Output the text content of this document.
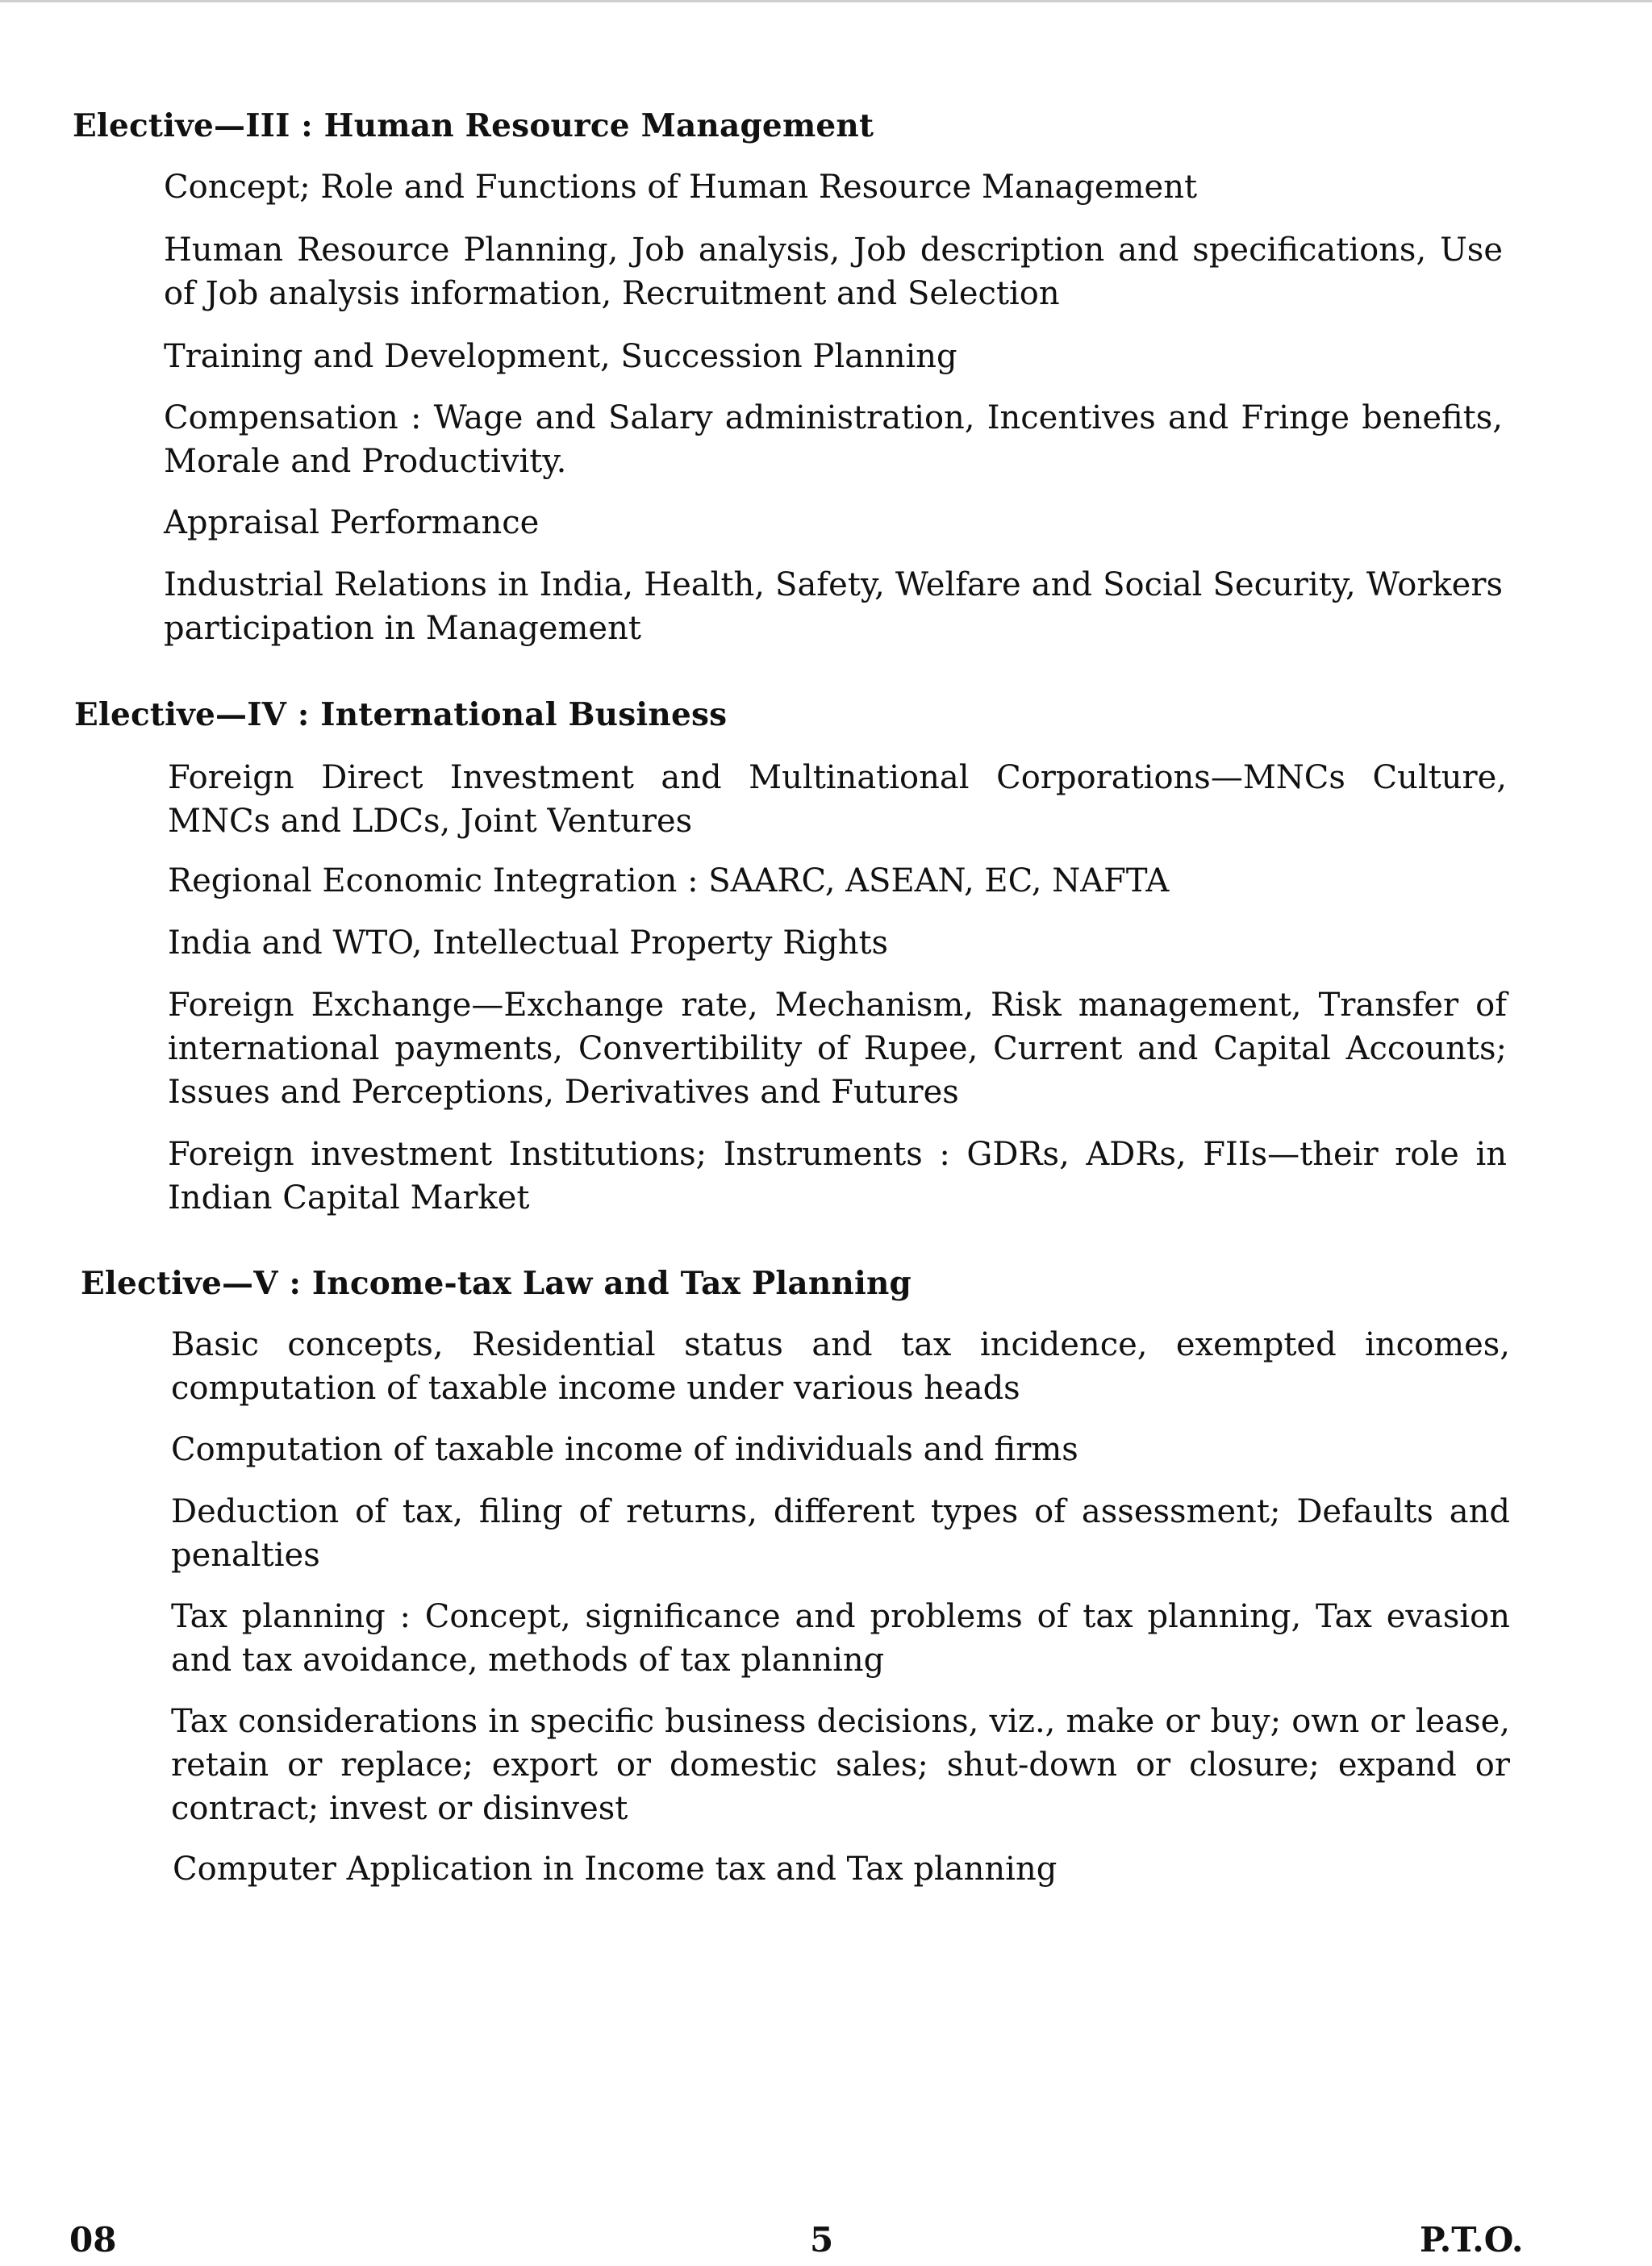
Elective—III : Human Resource Management
Concept; Role and Functions of Human Resource Management
Human Resource Planning, Job analysis, Job description and specifications, Use of Job analysis information, Recruitment and Selection
Training and Development, Succession Planning
Compensation : Wage and Salary administration, Incentives and Fringe benefits, Morale and Productivity.
Appraisal Performance
Industrial Relations in India, Health, Safety, Welfare and Social Security, Workers participation in Management
Elective—IV : International Business
Foreign Direct Investment and Multinational Corporations—MNCs Culture, MNCs and LDCs, Joint Ventures
Regional Economic Integration : SAARC, ASEAN, EC, NAFTA
India and WTO, Intellectual Property Rights
Foreign Exchange—Exchange rate, Mechanism, Risk management, Transfer of international payments, Convertibility of Rupee, Current and Capital Accounts; Issues and Perceptions, Derivatives and Futures
Foreign investment Institutions; Instruments : GDRs, ADRs, FIIs—their role in Indian Capital Market
Elective—V : Income-tax Law and Tax Planning
Basic concepts, Residential status and tax incidence, exempted incomes, computation of taxable income under various heads
Computation of taxable income of individuals and firms
Deduction of tax, filing of returns, different types of assessment; Defaults and penalties
Tax planning : Concept, significance and problems of tax planning, Tax evasion and tax avoidance, methods of tax planning
Tax considerations in specific business decisions, viz., make or buy; own or lease, retain or replace; export or domestic sales; shut-down or closure; expand or contract; invest or disinvest
Computer Application in Income tax and Tax planning
08	5	P.T.O.
